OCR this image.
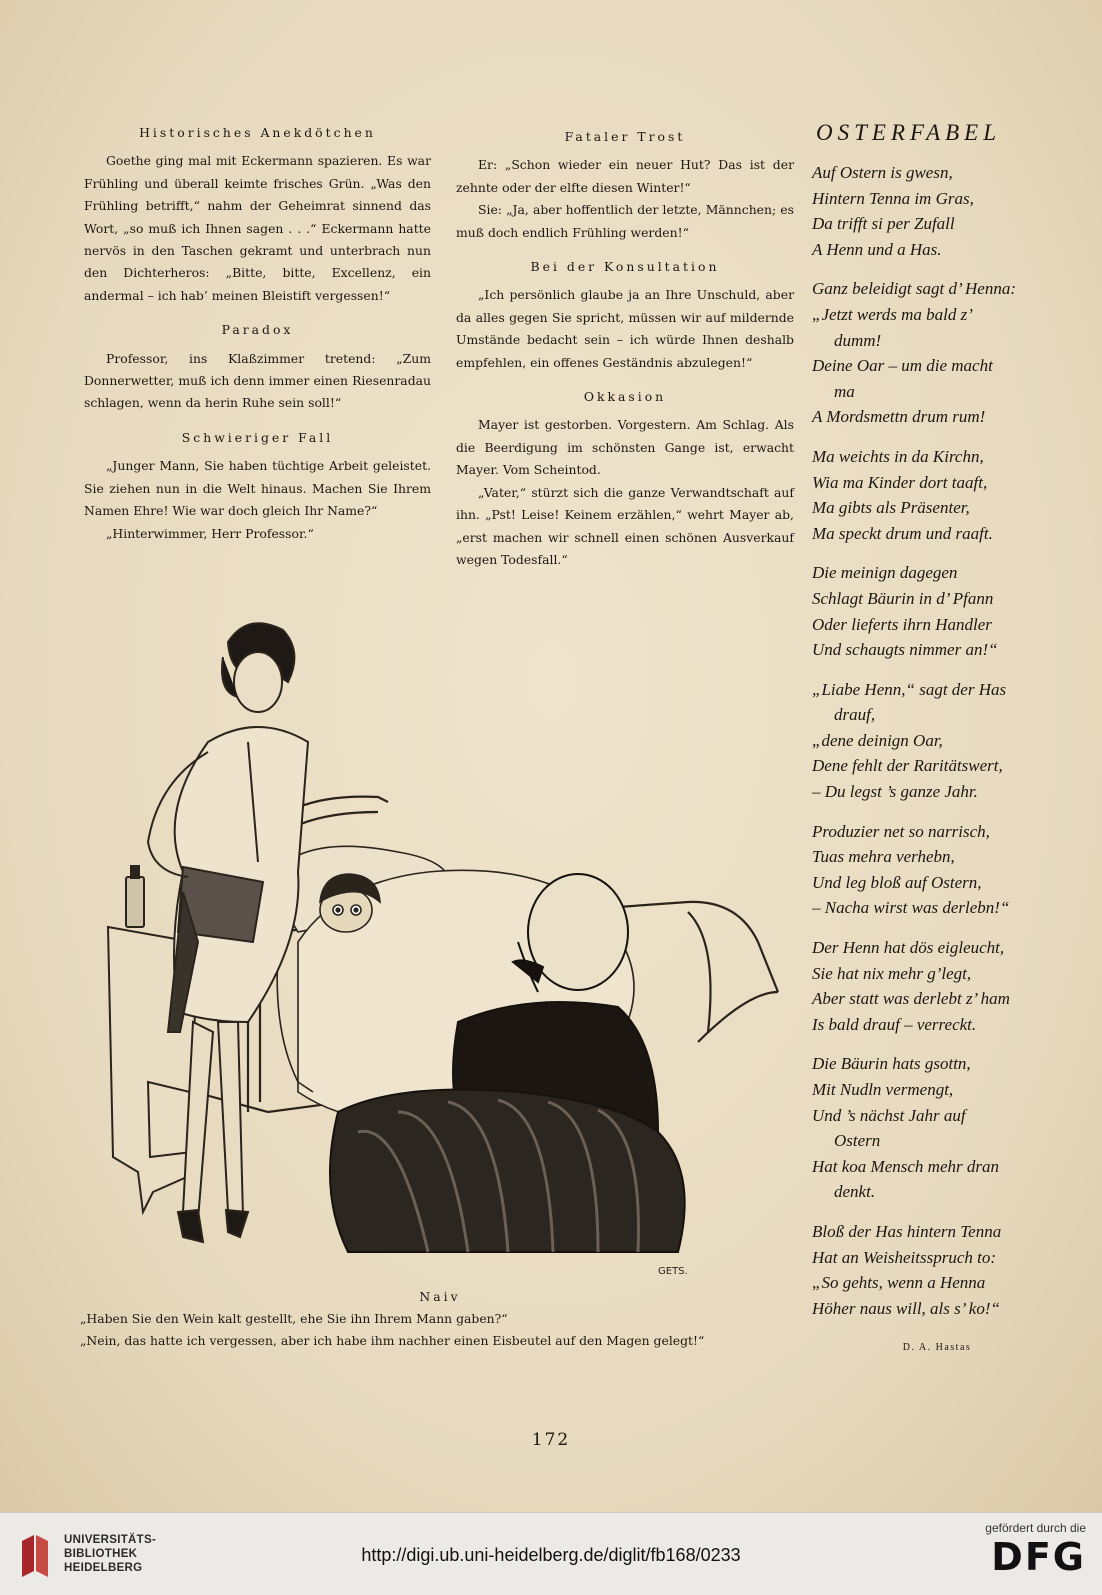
Historisches Anekdötchen

Goethe ging mal mit Eckermann spazieren. Es war Frühling und überall keimte frisches Grün. „Was den Frühling betrifft,“ nahm der Geheimrat sinnend das Wort, „so muß ich Ihnen sagen . . .“ Eckermann hatte nervös in den Taschen gekramt und unterbrach nun den Dichterheros: „Bitte, bitte, Excellenz, ein andermal – ich hab’ meinen Bleistift vergessen!“

Paradox

Professor, ins Klaßzimmer tretend: „Zum Donnerwetter, muß ich denn immer einen Riesenradau schlagen, wenn da herin Ruhe sein soll!“

Schwieriger Fall

„Junger Mann, Sie haben tüchtige Arbeit geleistet. Sie ziehen nun in die Welt hinaus. Machen Sie Ihrem Namen Ehre! Wie war doch gleich Ihr Name?“

„Hinterwimmer, Herr Professor.“

Fataler Trost

Er: „Schon wieder ein neuer Hut? Das ist der zehnte oder der elfte diesen Winter!“

Sie: „Ja, aber hoffentlich der letzte, Männchen; es muß doch endlich Frühling werden!“

Bei der Konsultation

„Ich persönlich glaube ja an Ihre Unschuld, aber da alles gegen Sie spricht, müssen wir auf mildernde Umstände bedacht sein – ich würde Ihnen deshalb empfehlen, ein offenes Geständnis abzulegen!“

Okkasion

Mayer ist gestorben. Vorgestern. Am Schlag. Als die Beerdigung im schönsten Gange ist, erwacht Mayer. Vom Scheintod.

„Vater,“ stürzt sich die ganze Verwandtschaft auf ihn. „Pst! Leise! Keinem erzählen,“ wehrt Mayer ab, „erst machen wir schnell einen schönen Ausverkauf wegen Todesfall.“

OSTERFABEL
Auf Ostern is gwesn,
Hintern Tenna im Gras,
Da trifft si per Zufall
A Henn und a Has.
Ganz beleidigt sagt d’ Henna:
„Jetzt werds ma bald z’
dumm!
Deine Oar – um die macht
ma
A Mordsmettn drum rum!
Ma weichts in da Kirchn,
Wia ma Kinder dort taaft,
Ma gibts als Präsenter,
Ma speckt drum und raaft.
Die meinign dagegen
Schlagt Bäurin in d’ Pfann
Oder lieferts ihrn Handler
Und schaugts nimmer an!“
„Liabe Henn,“ sagt der Has
drauf,
„dene deinign Oar,
Dene fehlt der Raritätswert,
– Du legst ’s ganze Jahr.
Produzier net so narrisch,
Tuas mehra verhebn,
Und leg bloß auf Ostern,
– Nacha wirst was derlebn!“
Der Henn hat dös eigleucht,
Sie hat nix mehr g’legt,
Aber statt was derlebt z’ ham
Is bald drauf – verreckt.
Die Bäurin hats gsottn,
Mit Nudln vermengt,
Und ’s nächst Jahr auf
Ostern
Hat koa Mensch mehr dran
denkt.
Bloß der Has hintern Tenna
Hat an Weisheitsspruch to:
„So gehts, wenn a Henna
Höher naus will, als s’ ko!“
D. A. Hastas
GETS.
Naiv
„Haben Sie den Wein kalt gestellt, ehe Sie ihn Ihrem Mann gaben?“
„Nein, das hatte ich vergessen, aber ich habe ihm nachher einen Eisbeutel auf den Magen gelegt!“
172
UNIVERSITÄTS-
BIBLIOTHEK
HEIDELBERG
http://digi.ub.uni-heidelberg.de/diglit/fb168/0233
gefördert durch die
DFG
